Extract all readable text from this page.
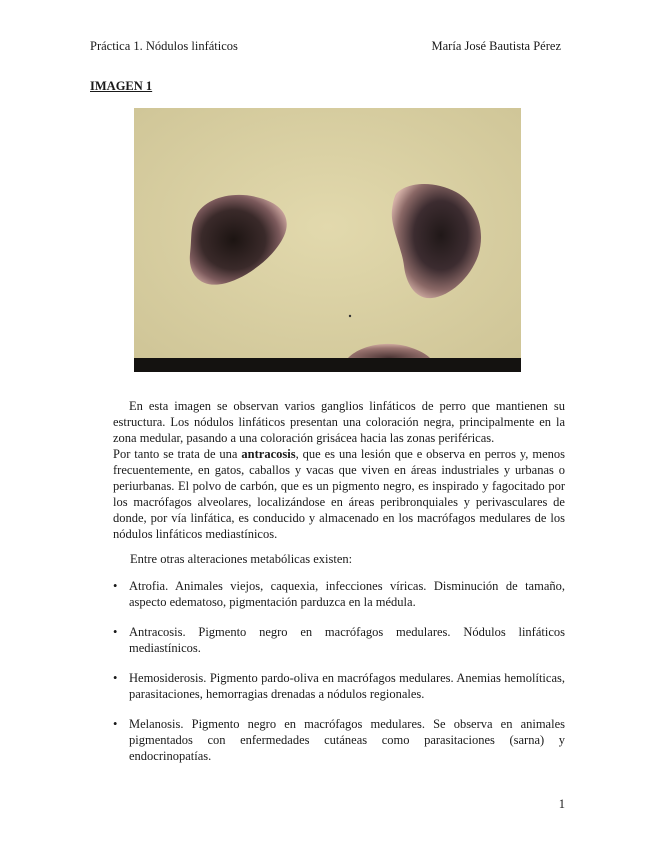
Práctica 1. Nódulos linfáticos	María José Bautista Pérez
IMAGEN 1

En esta imagen se observan varios ganglios linfáticos de perro que mantienen su estructura. Los nódulos linfáticos presentan una coloración negra, principalmente en la zona medular, pasando a una coloración grisácea hacia las zonas periféricas.

Por tanto se trata de una antracosis, que es una lesión que e observa en perros y, menos frecuentemente, en gatos, caballos y vacas que viven en áreas industriales y urbanas o periurbanas. El polvo de carbón, que es un pigmento negro, es inspirado y fagocitado por los macrófagos alveolares, localizándose en áreas peribronquiales y perivasculares de donde, por vía linfática, es conducido y almacenado en los macrófagos medulares de los nódulos linfáticos mediastínicos.

Entre otras alteraciones metabólicas existen:
• Atrofia. Animales viejos, caquexia, infecciones víricas. Disminución de tamaño, aspecto edematoso, pigmentación parduzca en la médula.
• Antracosis. Pigmento negro en macrófagos medulares. Nódulos linfáticos mediastínicos.
• Hemosiderosis. Pigmento pardo-oliva en macrófagos medulares. Anemias hemolíticas, parasitaciones, hemorragias drenadas a nódulos regionales.
• Melanosis. Pigmento negro en macrófagos medulares. Se observa en animales pigmentados con enfermedades cutáneas como parasitaciones (sarna) y endocrinopatías.
1
